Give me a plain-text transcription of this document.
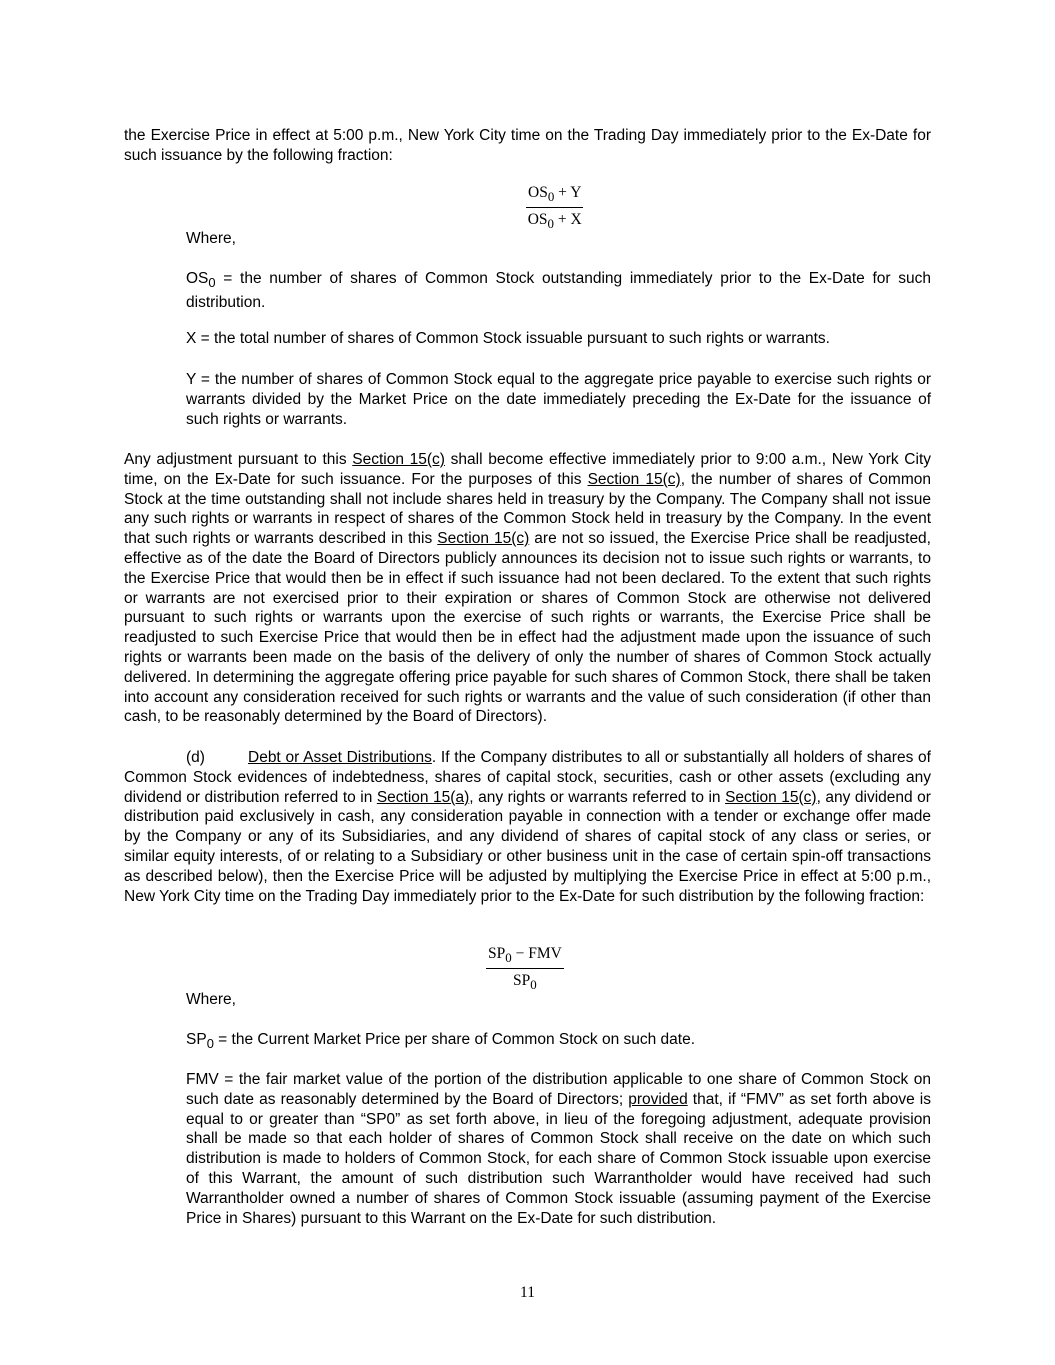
the Exercise Price in effect at 5:00 p.m., New York City time on the Trading Day immediately prior to the Ex-Date for such issuance by the following fraction:

$\frac{OS_0 + Y}{OS_0 + X}$

Where,

$OS_0$ = the number of shares of Common Stock outstanding immediately prior to the Ex-Date for such distribution.

X = the total number of shares of Common Stock issuable pursuant to such rights or warrants.

Y = the number of shares of Common Stock equal to the aggregate price payable to exercise such rights or warrants divided by the Market Price on the date immediately preceding the Ex-Date for the issuance of such rights or warrants.

Any adjustment pursuant to this Section 15(c) shall become effective immediately prior to 9:00 a.m., New York City time, on the Ex-Date for such issuance. For the purposes of this Section 15(c), the number of shares of Common Stock at the time outstanding shall not include shares held in treasury by the Company. The Company shall not issue any such rights or warrants in respect of shares of the Common Stock held in treasury by the Company. In the event that such rights or warrants described in this Section 15(c) are not so issued, the Exercise Price shall be readjusted, effective as of the date the Board of Directors publicly announces its decision not to issue such rights or warrants, to the Exercise Price that would then be in effect if such issuance had not been declared. To the extent that such rights or warrants are not exercised prior to their expiration or shares of Common Stock are otherwise not delivered pursuant to such rights or warrants upon the exercise of such rights or warrants, the Exercise Price shall be readjusted to such Exercise Price that would then be in effect had the adjustment made upon the issuance of such rights or warrants been made on the basis of the delivery of only the number of shares of Common Stock actually delivered. In determining the aggregate offering price payable for such shares of Common Stock, there shall be taken into account any consideration received for such rights or warrants and the value of such consideration (if other than cash, to be reasonably determined by the Board of Directors).

(d)	Debt or Asset Distributions. If the Company distributes to all or substantially all holders of shares of Common Stock evidences of indebtedness, shares of capital stock, securities, cash or other assets (excluding any dividend or distribution referred to in Section 15(a), any rights or warrants referred to in Section 15(c), any dividend or distribution paid exclusively in cash, any consideration payable in connection with a tender or exchange offer made by the Company or any of its Subsidiaries, and any dividend of shares of capital stock of any class or series, or similar equity interests, of or relating to a Subsidiary or other business unit in the case of certain spin-off transactions as described below), then the Exercise Price will be adjusted by multiplying the Exercise Price in effect at 5:00 p.m., New York City time on the Trading Day immediately prior to the Ex-Date for such distribution by the following fraction:

$SP_0$ − FMV
$SP_0$

Where,

$SP_0$ = the Current Market Price per share of Common Stock on such date.

FMV = the fair market value of the portion of the distribution applicable to one share of Common Stock on such date as reasonably determined by the Board of Directors; provided that, if “FMV” as set forth above is equal to or greater than “SP0” as set forth above, in lieu of the foregoing adjustment, adequate provision shall be made so that each holder of shares of Common Stock shall receive on the date on which such distribution is made to holders of Common Stock, for each share of Common Stock issuable upon exercise of this Warrant, the amount of such distribution such Warrantholder would have received had such Warrantholder owned a number of shares of Common Stock issuable (assuming payment of the Exercise Price in Shares) pursuant to this Warrant on the Ex-Date for such distribution.

11
